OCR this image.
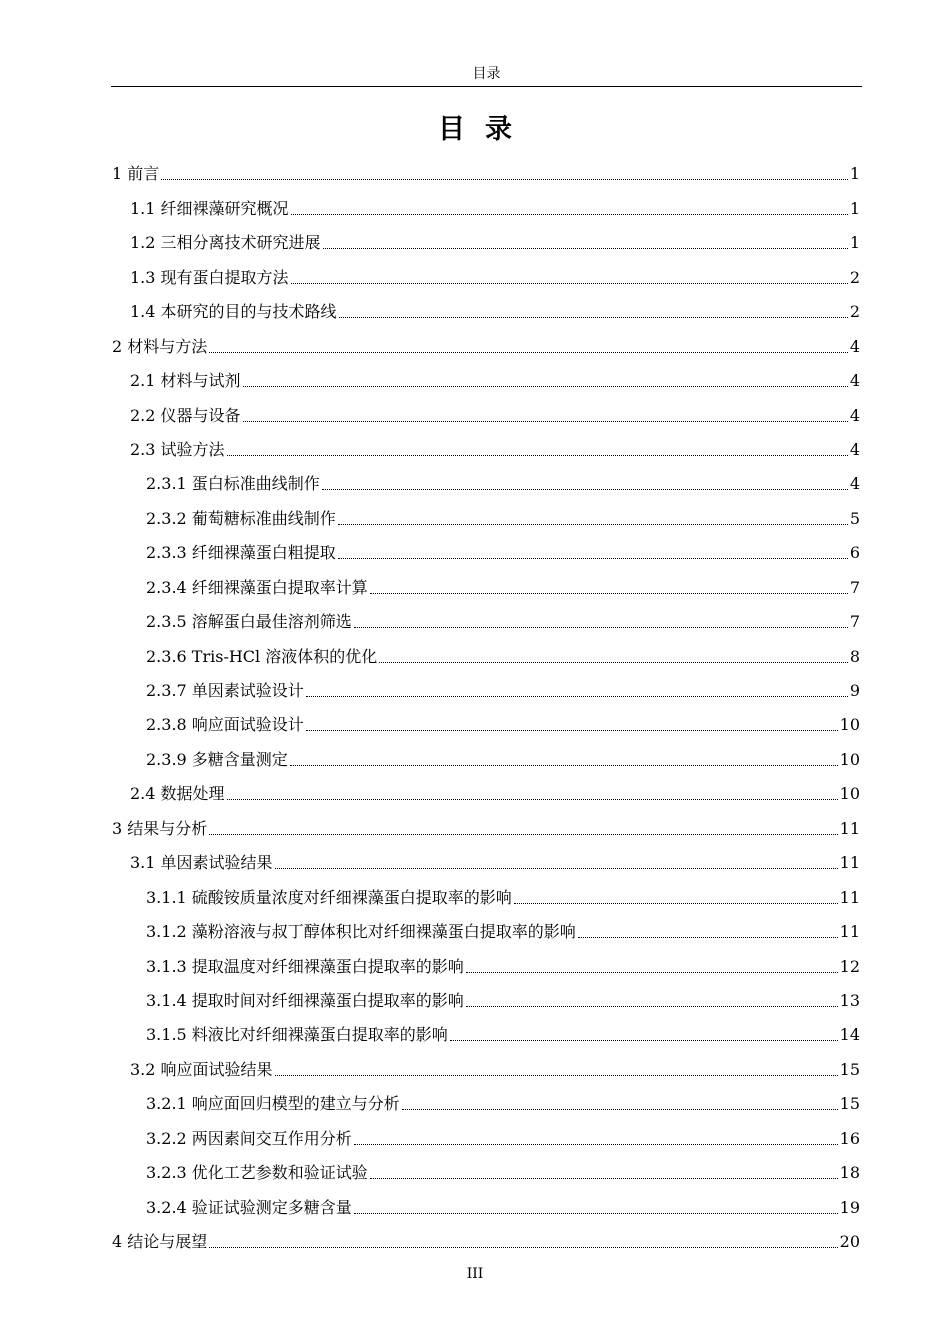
目录
目录
1 前言	1
1.1 纤细裸藻研究概况	1
1.2 三相分离技术研究进展	1
1.3 现有蛋白提取方法	2
1.4 本研究的目的与技术路线	2
2 材料与方法	4
2.1 材料与试剂	4
2.2 仪器与设备	4
2.3 试验方法	4
2.3.1 蛋白标准曲线制作	4
2.3.2 葡萄糖标准曲线制作	5
2.3.3 纤细裸藻蛋白粗提取	6
2.3.4 纤细裸藻蛋白提取率计算	7
2.3.5 溶解蛋白最佳溶剂筛选	7
2.3.6 Tris-HCl 溶液体积的优化	8
2.3.7 单因素试验设计	9
2.3.8 响应面试验设计	10
2.3.9 多糖含量测定	10
2.4 数据处理	10
3 结果与分析	11
3.1 单因素试验结果	11
3.1.1 硫酸铵质量浓度对纤细裸藻蛋白提取率的影响	11
3.1.2 藻粉溶液与叔丁醇体积比对纤细裸藻蛋白提取率的影响	11
3.1.3 提取温度对纤细裸藻蛋白提取率的影响	12
3.1.4 提取时间对纤细裸藻蛋白提取率的影响	13
3.1.5 料液比对纤细裸藻蛋白提取率的影响	14
3.2 响应面试验结果	15
3.2.1 响应面回归模型的建立与分析	15
3.2.2 两因素间交互作用分析	16
3.2.3 优化工艺参数和验证试验	18
3.2.4 验证试验测定多糖含量	19
4 结论与展望	20
III
